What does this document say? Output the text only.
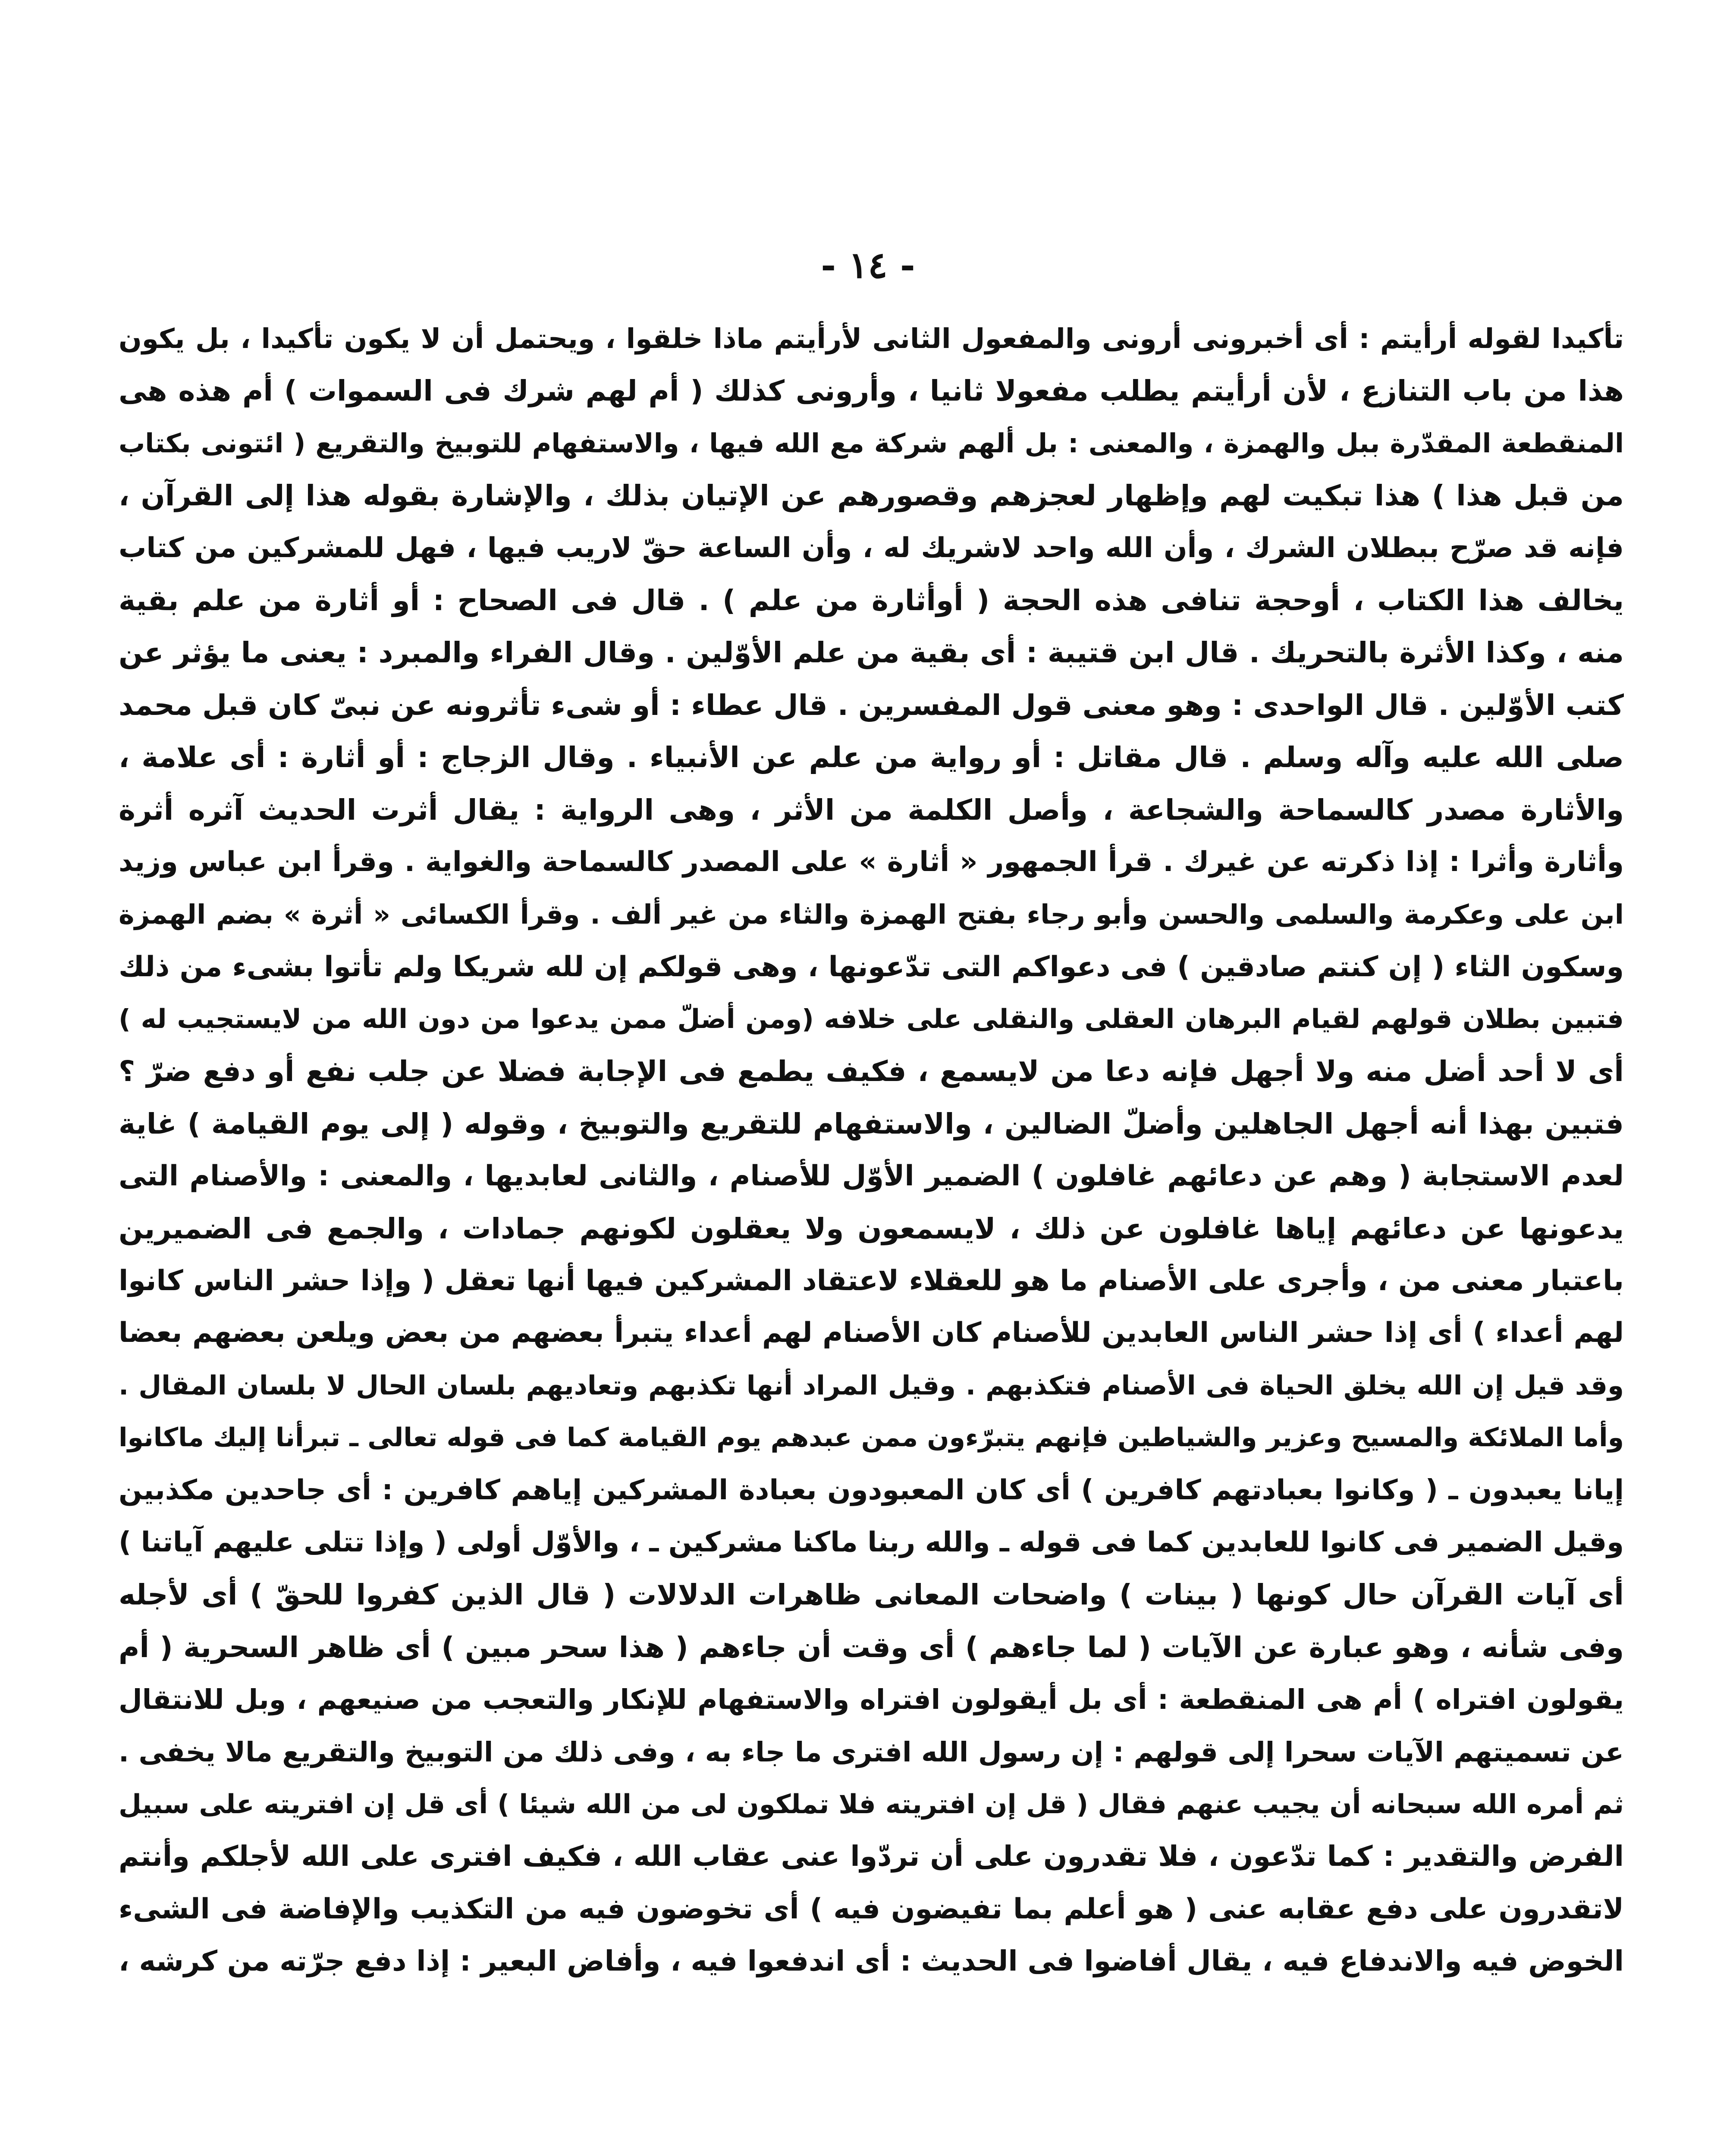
- ١٤ -
تأكيدا لقوله أرأيتم : أى أخبرونى أرونى والمفعول الثانى لأرأيتم ماذا خلقوا ، ويحتمل أن لا يكون تأكيدا ، بل يكون
هذا من باب التنازع ، لأن أرأيتم يطلب مفعولا ثانيا ، وأرونى كذلك ( أم لهم شرك فى السموات ) أم هذه هى
المنقطعة المقدّرة ببل والهمزة ، والمعنى : بل ألهم شركة مع الله فيها ، والاستفهام للتوبيخ والتقريع ( ائتونى بكتاب
من قبل هذا ) هذا تبكيت لهم وإظهار لعجزهم وقصورهم عن الإتيان بذلك ، والإشارة بقوله هذا إلى القرآن ،
فإنه قد صرّح ببطلان الشرك ، وأن الله واحد لاشريك له ، وأن الساعة حقّ لاريب فيها ، فهل للمشركين من كتاب
يخالف هذا الكتاب ، أوحجة تنافى هذه الحجة ( أوأثارة من علم ) . قال فى الصحاح : أو أثارة من علم بقية
منه ، وكذا الأثرة بالتحريك . قال ابن قتيبة : أى بقية من علم الأوّلين . وقال الفراء والمبرد : يعنى ما يؤثر عن
كتب الأوّلين . قال الواحدى : وهو معنى قول المفسرين . قال عطاء : أو شىء تأثرونه عن نبىّ كان قبل محمد
صلى الله عليه وآله وسلم . قال مقاتل : أو رواية من علم عن الأنبياء . وقال الزجاج : أو أثارة : أى علامة ،
والأثارة مصدر كالسماحة والشجاعة ، وأصل الكلمة من الأثر ، وهى الرواية : يقال أثرت الحديث آثره أثرة
وأثارة وأثرا : إذا ذكرته عن غيرك . قرأ الجمهور « أثارة » على المصدر كالسماحة والغواية . وقرأ ابن عباس وزيد
ابن على وعكرمة والسلمى والحسن وأبو رجاء بفتح الهمزة والثاء من غير ألف . وقرأ الكسائى « أثرة » بضم الهمزة
وسكون الثاء ( إن كنتم صادقين ) فى دعواكم التى تدّعونها ، وهى قولكم إن لله شريكا ولم تأتوا بشىء من ذلك
فتبين بطلان قولهم لقيام البرهان العقلى والنقلى على خلافه (ومن أضلّ ممن يدعوا من دون الله من لايستجيب له )
أى لا أحد أضل منه ولا أجهل فإنه دعا من لايسمع ، فكيف يطمع فى الإجابة فضلا عن جلب نفع أو دفع ضرّ ؟
فتبين بهذا أنه أجهل الجاهلين وأضلّ الضالين ، والاستفهام للتقريع والتوبيخ ، وقوله ( إلى يوم القيامة ) غاية
لعدم الاستجابة ( وهم عن دعائهم غافلون ) الضمير الأوّل للأصنام ، والثانى لعابديها ، والمعنى : والأصنام التى
يدعونها عن دعائهم إياها غافلون عن ذلك ، لايسمعون ولا يعقلون لكونهم جمادات ، والجمع فى الضميرين
باعتبار معنى من ، وأجرى على الأصنام ما هو للعقلاء لاعتقاد المشركين فيها أنها تعقل ( وإذا حشر الناس كانوا
لهم أعداء ) أى إذا حشر الناس العابدين للأصنام كان الأصنام لهم أعداء يتبرأ بعضهم من بعض ويلعن بعضهم بعضا
وقد قيل إن الله يخلق الحياة فى الأصنام فتكذبهم . وقيل المراد أنها تكذبهم وتعاديهم بلسان الحال لا بلسان المقال .
وأما الملائكة والمسيح وعزير والشياطين فإنهم يتبرّءون ممن عبدهم يوم القيامة كما فى قوله تعالى ـ تبرأنا إليك ماكانوا
إيانا يعبدون ـ ( وكانوا بعبادتهم كافرين ) أى كان المعبودون بعبادة المشركين إياهم كافرين : أى جاحدين مكذبين
وقيل الضمير فى كانوا للعابدين كما فى قوله ـ والله ربنا ماكنا مشركين ـ ، والأوّل أولى ( وإذا تتلى عليهم آياتنا )
أى آيات القرآن حال كونها ( بينات ) واضحات المعانى ظاهرات الدلالات ( قال الذين كفروا للحقّ ) أى لأجله
وفى شأنه ، وهو عبارة عن الآيات ( لما جاءهم ) أى وقت أن جاءهم ( هذا سحر مبين ) أى ظاهر السحرية ( أم
يقولون افتراه ) أم هى المنقطعة : أى بل أيقولون افتراه والاستفهام للإنكار والتعجب من صنيعهم ، وبل للانتقال
عن تسميتهم الآيات سحرا إلى قولهم : إن رسول الله افترى ما جاء به ، وفى ذلك من التوبيخ والتقريع مالا يخفى .
ثم أمره الله سبحانه أن يجيب عنهم فقال ( قل إن افتريته فلا تملكون لى من الله شيئا ) أى قل إن افتريته على سبيل
الفرض والتقدير : كما تدّعون ، فلا تقدرون على أن تردّوا عنى عقاب الله ، فكيف افترى على الله لأجلكم وأنتم
لاتقدرون على دفع عقابه عنى ( هو أعلم بما تفيضون فيه ) أى تخوضون فيه من التكذيب والإفاضة فى الشىء
الخوض فيه والاندفاع فيه ، يقال أفاضوا فى الحديث : أى اندفعوا فيه ، وأفاض البعير : إذا دفع جرّته من كرشه ،
